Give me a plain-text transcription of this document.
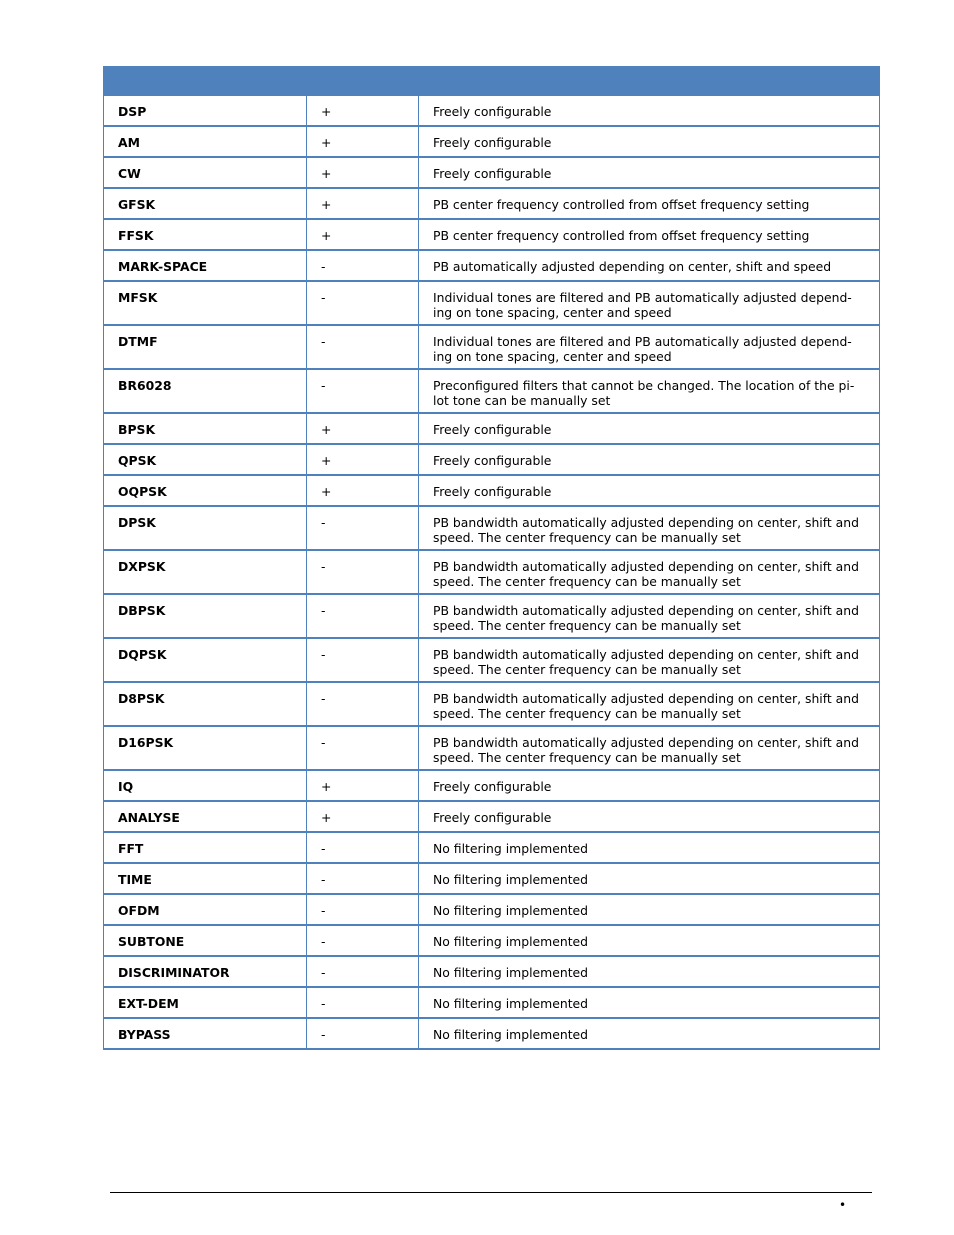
DSP	+	Freely configurable
AM	+	Freely configurable
CW	+	Freely configurable
GFSK	+	PB center frequency controlled from offset frequency setting
FFSK	+	PB center frequency controlled from offset frequency setting
MARK-SPACE	-	PB automatically adjusted depending on center, shift and speed
MFSK	-	Individual tones are filtered and PB automatically adjusted depend-ing on tone spacing, center and speed
DTMF	-	Individual tones are filtered and PB automatically adjusted depend-ing on tone spacing, center and speed
BR6028	-	Preconfigured filters that cannot be changed. The location of the pi-lot tone can be manually set
BPSK	+	Freely configurable
QPSK	+	Freely configurable
OQPSK	+	Freely configurable
DPSK	-	PB bandwidth automatically adjusted depending on center, shift and speed. The center frequency can be manually set
DXPSK	-	PB bandwidth automatically adjusted depending on center, shift and speed. The center frequency can be manually set
DBPSK	-	PB bandwidth automatically adjusted depending on center, shift and speed. The center frequency can be manually set
DQPSK	-	PB bandwidth automatically adjusted depending on center, shift and speed. The center frequency can be manually set
D8PSK	-	PB bandwidth automatically adjusted depending on center, shift and speed. The center frequency can be manually set
D16PSK	-	PB bandwidth automatically adjusted depending on center, shift and speed. The center frequency can be manually set
IQ	+	Freely configurable
ANALYSE	+	Freely configurable
FFT	-	No filtering implemented
TIME	-	No filtering implemented
OFDM	-	No filtering implemented
SUBTONE	-	No filtering implemented
DISCRIMINATOR	-	No filtering implemented
EXT-DEM	-	No filtering implemented
BYPASS	-	No filtering implemented
•
